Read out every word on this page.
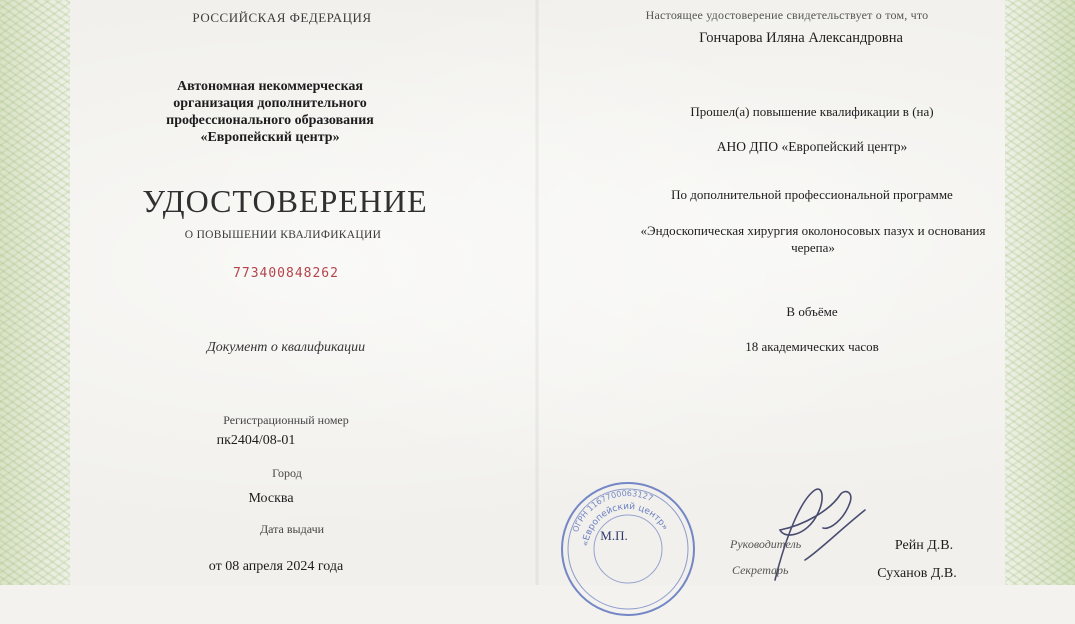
РОССИЙСКАЯ ФЕДЕРАЦИЯ
Автономная некоммерческая организация дополнительного профессионального образования «Европейский центр»
УДОСТОВЕРЕНИЕ
О ПОВЫШЕНИИ КВАЛИФИКАЦИИ
773400848262
Документ о квалификации
Регистрационный номер
пк2404/08-01
Город
Москва
Дата выдачи
от 08 апреля 2024 года
Настоящее удостоверение свидетельствует о том, что
Гончарова Иляна Александровна
Прошел(а) повышение квалификации в (на)
АНО ДПО «Европейский центр»
По дополнительной профессиональной программе
«Эндоскопическая хирургия околоносовых пазух и основания черепа»
В объёме
18 академических часов
ОГРН 1167700063127
«Европейский центр»
М.П.
Руководитель
Секретарь
Рейн Д.В.
Суханов Д.В.
